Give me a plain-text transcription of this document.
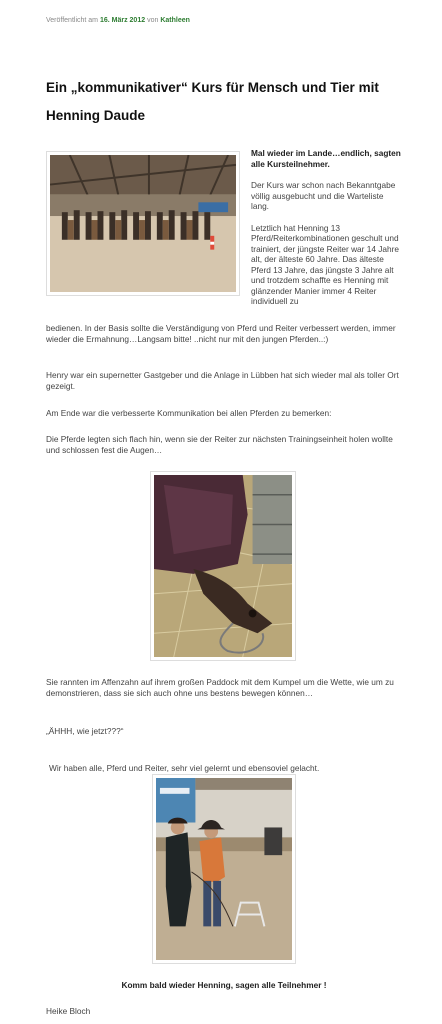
Veröffentlicht am 16. März 2012 von Kathleen
Ein „kommunikativer“ Kurs für Mensch und Tier mit Henning Daude

Mal wieder im Lande…endlich, sagten alle Kursteilnehmer.

Der Kurs war schon nach Bekanntgabe völlig ausgebucht und die Warteliste lang.

Letztlich hat Henning 13 Pferd/Reiterkombinationen geschult und trainiert, der jüngste Reiter war 14 Jahre alt, der älteste 60 Jahre. Das älteste Pferd 13 Jahre, das jüngste 3 Jahre alt und trotzdem schaffte es Henning mit glänzender Manier immer 4 Reiter individuell zu

bedienen. In der Basis sollte die Verständigung von Pferd und Reiter verbessert werden, immer wieder die Ermahnung…Langsam bitte! ..nicht nur mit den jungen Pferden..:)

Henry war ein supernetter Gastgeber und die Anlage in Lübben hat sich wieder mal als toller Ort gezeigt.

Am Ende war die verbesserte Kommunikation bei allen Pferden zu bemerken:

Die Pferde legten sich flach hin, wenn sie der Reiter zur nächsten Trainingseinheit holen wollte und schlossen fest die Augen…

Sie rannten im Affenzahn auf ihrem großen Paddock mit dem Kumpel um die Wette, wie um zu demonstrieren, dass sie sich auch ohne uns bestens bewegen können…

„ÄHHH, wie jetzt???“

Wir haben alle, Pferd und Reiter, sehr viel gelernt und ebensoviel gelacht.

Komm bald wieder Henning, sagen alle Teilnehmer !

Heike Bloch
